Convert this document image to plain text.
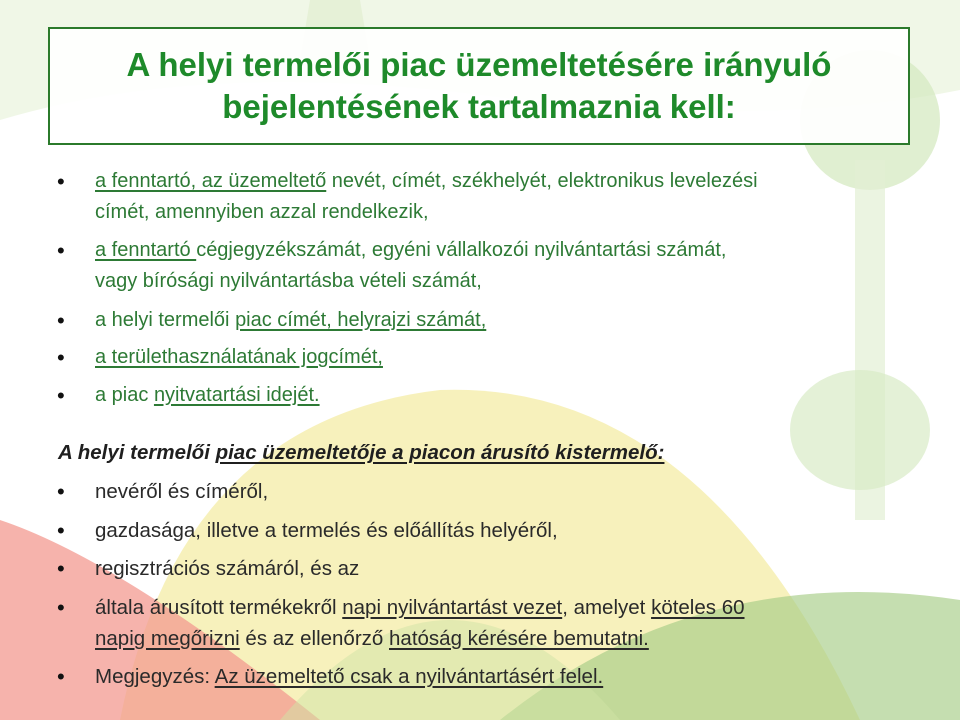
A helyi termelői piac üzemeltetésére irányuló
bejelentésének tartalmaznia kell:
• a fenntartó, az üzemeltető nevét, címét, székhelyét, elektronikus levelezési
címét, amennyiben azzal rendelkezik,
• a fenntartó cégjegyzékszámát, egyéni vállalkozói nyilvántartási számát,
vagy bírósági nyilvántartásba vételi számát,
• a helyi termelői piac címét, helyrajzi számát,
• a területhasználatának jogcímét,
• a piac nyitvatartási idejét.

A helyi termelői piac üzemeltetője a piacon árusító kistermelő:

• nevéről és címéről,
• gazdasága, illetve a termelés és előállítás helyéről,
• regisztrációs számáról, és az
• általa árusított termékekről napi nyilvántartást vezet, amelyet köteles 60
napig megőrizni és az ellenőrző hatóság kérésére bemutatni.
• Megjegyzés: Az üzemeltető csak a nyilvántartásért felel.
